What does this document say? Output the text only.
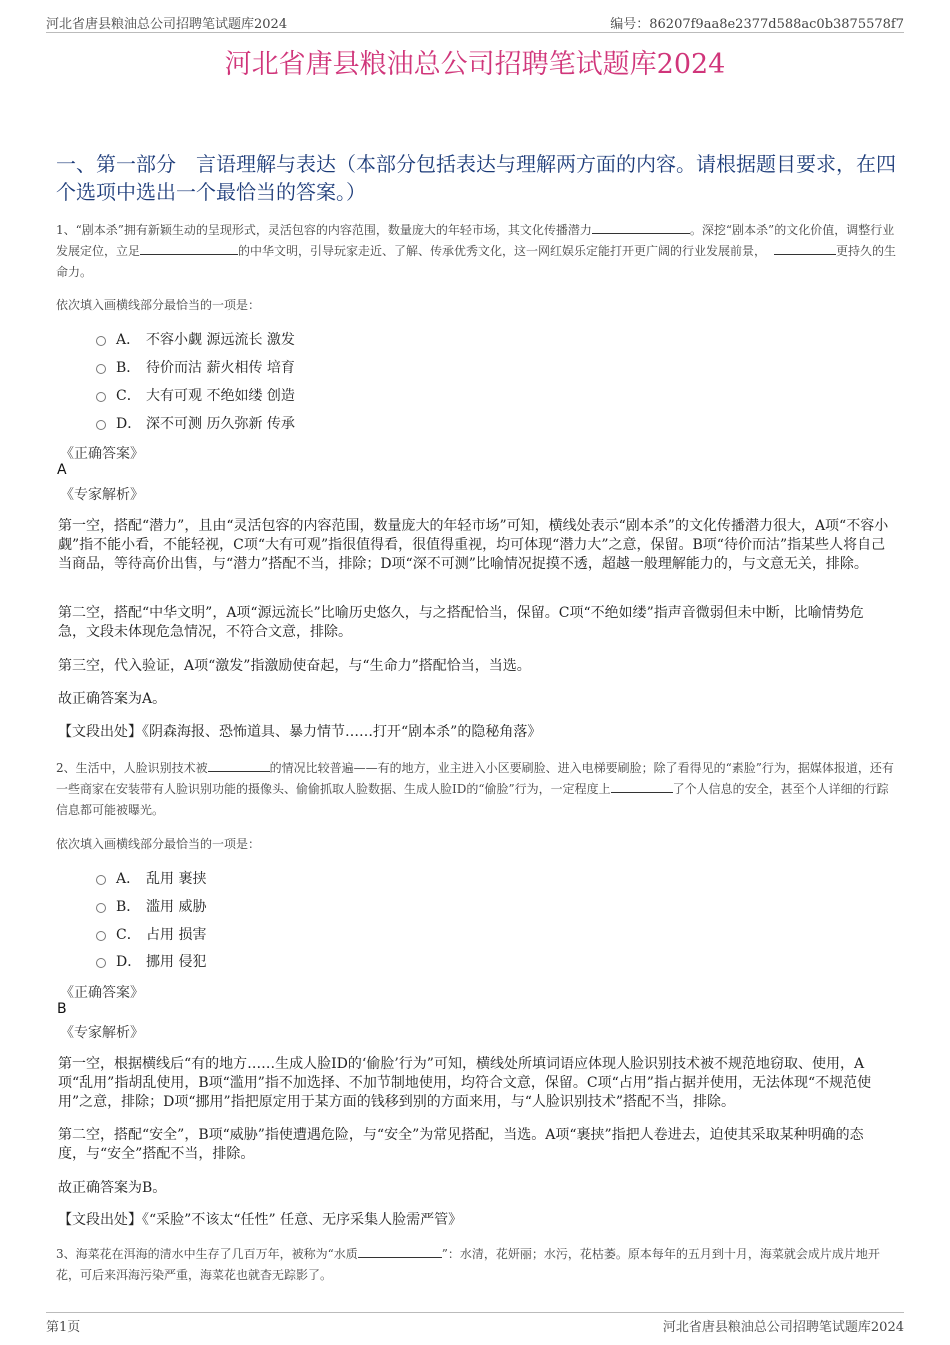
河北省唐县粮油总公司招聘笔试题库2024	编号：86207f9aa8e2377d588ac0b3875578f7
河北省唐县粮油总公司招聘笔试题库2024
一、第一部分　言语理解与表达（本部分包括表达与理解两方面的内容。请根据题目要求，在四个选项中选出一个最恰当的答案。）
1、“剧本杀”拥有新颖生动的呈现形式，灵活包容的内容范围，数量庞大的年轻市场，其文化传播潜力	。深挖“剧本杀”的文化价值，调整行业发展定位，立足	的中华文明，引导玩家走近、了解、传承优秀文化，这一网红娱乐定能打开更广阔的行业发展前景，	更持久的生命力。
依次填入画横线部分最恰当的一项是：
A． 不容小觑 源远流长 激发
B． 待价而沽 薪火相传 培育
C． 大有可观 不绝如缕 创造
D． 深不可测 历久弥新 传承
《正确答案》
A
《专家解析》
第一空，搭配“潜力”，且由“灵活包容的内容范围，数量庞大的年轻市场”可知，横线处表示“剧本杀”的文化传播潜力很大，A项“不容小觑”指不能小看，不能轻视，C项“大有可观”指很值得看，很值得重视，均可体现“潜力大”之意，保留。B项“待价而沽”指某些人将自己当商品，等待高价出售，与“潜力”搭配不当，排除；D项“深不可测”比喻情况捉摸不透，超越一般理解能力的，与文意无关，排除。
第二空，搭配“中华文明”，A项“源远流长”比喻历史悠久，与之搭配恰当，保留。C项“不绝如缕”指声音微弱但未中断，比喻情势危急，文段未体现危急情况，不符合文意，排除。
第三空，代入验证，A项“激发”指激励使奋起，与“生命力”搭配恰当，当选。
故正确答案为A。
【文段出处】《阴森海报、恐怖道具、暴力情节……打开“剧本杀”的隐秘角落》
2、生活中，人脸识别技术被	的情况比较普遍——有的地方，业主进入小区要刷脸、进入电梯要刷脸；除了看得见的“素脸”行为，据媒体报道，还有一些商家在安装带有人脸识别功能的摄像头、偷偷抓取人脸数据、生成人脸ID的“偷脸”行为，一定程度上	了个人信息的安全，甚至个人详细的行踪信息都可能被曝光。
依次填入画横线部分最恰当的一项是：
A． 乱用 裹挟
B． 滥用 威胁
C． 占用 损害
D． 挪用 侵犯
《正确答案》
B
《专家解析》
第一空，根据横线后“有的地方……生成人脸ID的‘偷脸’行为”可知，横线处所填词语应体现人脸识别技术被不规范地窃取、使用，A项“乱用”指胡乱使用，B项“滥用”指不加选择、不加节制地使用，均符合文意，保留。C项“占用”指占据并使用，无法体现“不规范使用”之意，排除；D项“挪用”指把原定用于某方面的钱移到别的方面来用，与“人脸识别技术”搭配不当，排除。
第二空，搭配“安全”，B项“威胁”指使遭遇危险，与“安全”为常见搭配，当选。A项“裹挟”指把人卷进去，迫使其采取某种明确的态度，与“安全”搭配不当，排除。
故正确答案为B。
【文段出处】《“采脸”不该太“任性” 任意、无序采集人脸需严管》
3、海菜花在洱海的清水中生存了几百万年，被称为“水质	”：水清，花妍丽；水污，花枯萎。原本每年的五月到十月，海菜就会成片成片地开花，可后来洱海污染严重，海菜花也就杳无踪影了。
第1页	河北省唐县粮油总公司招聘笔试题库2024
